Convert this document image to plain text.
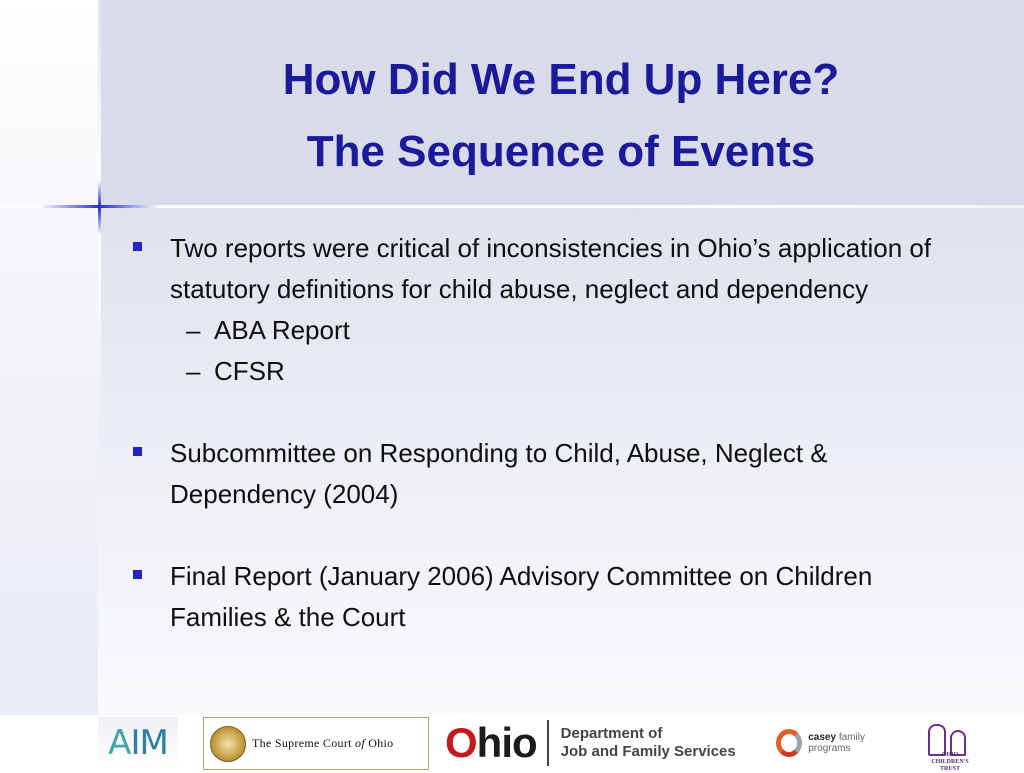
How Did We End Up Here?
The Sequence of Events
Two reports were critical of inconsistencies in Ohio’s application of statutory definitions for child abuse, neglect and dependency
– ABA Report
– CFSR
Subcommittee on Responding to Child, Abuse, Neglect & Dependency (2004)
Final Report (January 2006) Advisory Committee on Children Families & the Court
AIM	The Supreme Court of Ohio Ohio Department of
Job and Family Services
casey family programs
OHIO
CHILDREN'S
TRUST
